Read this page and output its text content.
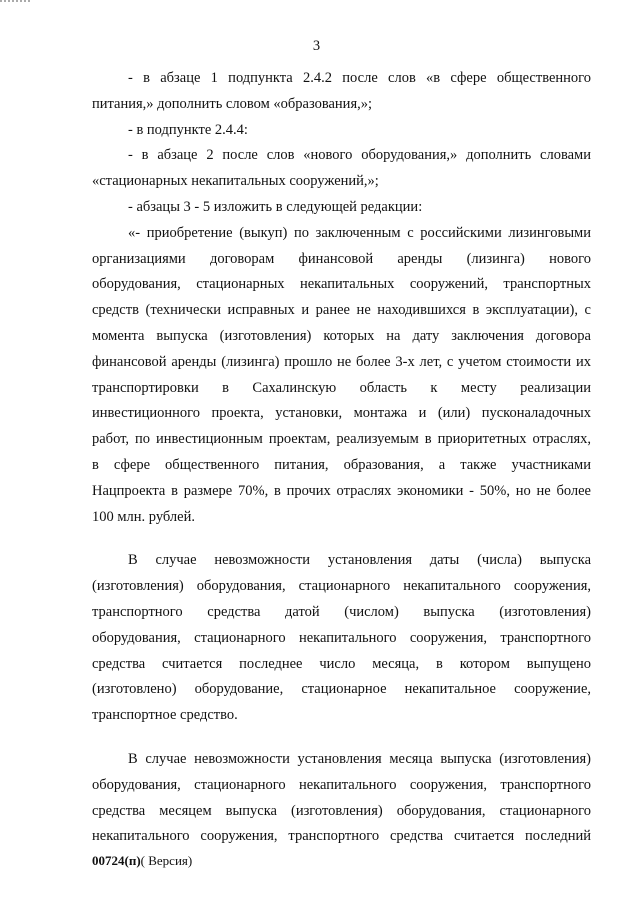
3

- в абзаце 1 подпункта 2.4.2 после слов «в сфере общественного

питания,» дополнить словом «образования,»;

- в подпункте 2.4.4:

- в абзаце 2 после слов «нового оборудования,» дополнить словами

«стационарных некапитальных сооружений,»;

- абзацы 3 - 5 изложить в следующей редакции:

«- приобретение (выкуп) по заключенным с российскими лизинговыми

организациями договорам финансовой аренды (лизинга) нового

оборудования, стационарных некапитальных сооружений, транспортных

средств (технически исправных и ранее не находившихся в эксплуатации), с

момента выпуска (изготовления) которых на дату заключения договора

финансовой аренды (лизинга) прошло не более 3-х лет, с учетом стоимости их

транспортировки в Сахалинскую область к месту реализации

инвестиционного проекта, установки, монтажа и (или) пусконаладочных

работ, по инвестиционным проектам, реализуемым в приоритетных отраслях,

в сфере общественного питания, образования, а также участниками

Нацпроекта в размере 70%, в прочих отраслях экономики - 50%, но не более

100 млн. рублей.

В случае невозможности установления даты (числа) выпуска

(изготовления) оборудования, стационарного некапитального сооружения,

транспортного средства датой (числом) выпуска (изготовления)

оборудования, стационарного некапитального сооружения, транспортного

средства считается последнее число месяца, в котором выпущено

(изготовлено) оборудование, стационарное некапитальное сооружение,

транспортное средство.

В случае невозможности установления месяца выпуска (изготовления)

оборудования, стационарного некапитального сооружения, транспортного

средства месяцем выпуска (изготовления) оборудования, стационарного

некапитального сооружения, транспортного средства считается последний

00724(п)( Версия)
